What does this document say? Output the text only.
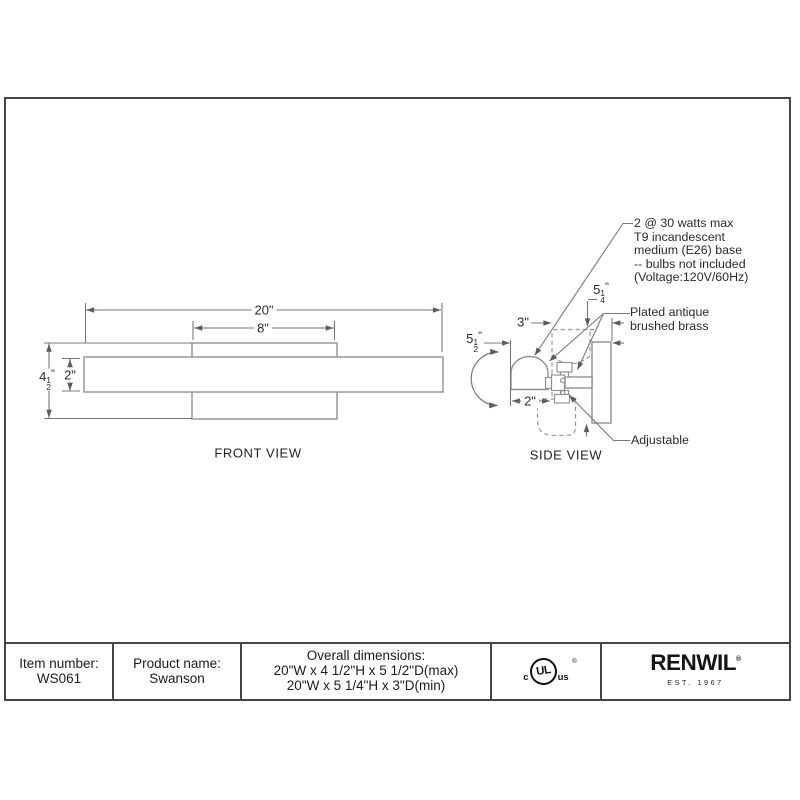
20"
8"
4 1
2
" 2"
FRONT VIEW
3"
5 1
2
"
5 1
4
"
2"
SIDE VIEW
2 @ 30 watts max
T9 incandescent
medium (E26) base
-- bulbs not included
(Voltage:120V/60Hz)
Plated antique
brushed brass
Adjustable
Item number:
WS061
Product name:
Swanson
Overall dimensions:
20"W x 4 1/2"H x 5 1/2"D(max)
20"W x 5 1/4"H x 3"D(min)
c UL us
®	RENWIL®
EST. 1967
